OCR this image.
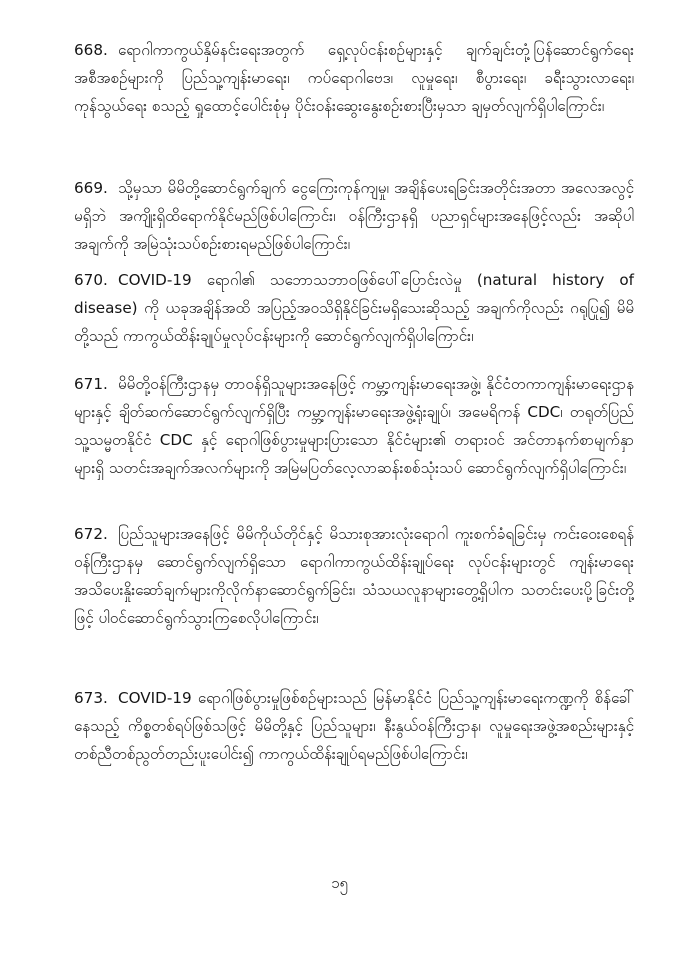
668. ရောဂါကာကွယ်နှိမ်နင်းရေးအတွက် ရှေ့လုပ်ငန်းစဉ်များနှင့် ချက်ချင်းတုံ့ပြန်ဆောင်ရွက်ရေး အစီအစဉ်များကို ပြည်သူ့ကျန်းမာရေး၊ ကပ်ရောဂါဗေဒ၊ လူမှုရေး၊ စီပွားရေး၊ ခရီးသွားလာရေး၊ ကုန်သွယ်ရေး စသည့် ရှုထောင့်ပေါင်းစုံမှ ပိုင်းဝန်းဆွေးနွေးစဉ်းစားပြီးမှသာ ချမှတ်လျက်ရှိပါကြောင်း၊
669. သို့မှသာ မိမိတို့ဆောင်ရွက်ချက် ငွေကြေးကုန်ကျမှု၊ အချိန်ပေးရခြင်းအတိုင်းအတာ အလေအလွင့်မရှိဘဲ အကျိုးရှိထိရောက်နိုင်မည်ဖြစ်ပါကြောင်း၊ ဝန်ကြီးဌာနရှိ ပညာရှင်များအနေဖြင့်လည်း အဆိုပါအချက်ကို အမြဲသုံးသပ်စဉ်းစားရမည်ဖြစ်ပါကြောင်း၊
670. COVID-19 ရောဂါ၏ သဘောသဘာဝဖြစ်ပေါ်ပြောင်းလဲမှု (natural history of disease) ကို ယခုအချိန်အထိ အပြည့်အဝသိရှိနိုင်ခြင်းမရှိသေးဆိုသည့် အချက်ကိုလည်း ဂရုပြု၍ မိမိတို့သည် ကာကွယ်ထိန်းချုပ်မှုလုပ်ငန်းများကို ဆောင်ရွက်လျက်ရှိပါကြောင်း၊
671. မိမိတို့ဝန်ကြီးဌာနမှ တာဝန်ရှိသူများအနေဖြင့် ကမ္ဘာ့ကျန်းမာရေးအဖွဲ့၊ နိုင်ငံတကာကျန်းမာရေးဌာနများနှင့် ချိတ်ဆက်ဆောင်ရွက်လျက်ရှိပြီး ကမ္ဘာ့ကျန်းမာရေးအဖွဲ့ရုံးချုပ်၊ အမေရိကန် CDC၊ တရုတ်ပြည်သူ့သမ္မတနိုင်ငံ CDC နှင့် ရောဂါဖြစ်ပွားမှုများပြားသော နိုင်ငံများ၏ တရားဝင် အင်တာနက်စာမျက်နှာများရှိ သတင်းအချက်အလက်များကို အမြဲမပြတ်လေ့လာဆန်းစစ်သုံးသပ် ဆောင်ရွက်လျက်ရှိပါကြောင်း၊
672. ပြည်သူများအနေဖြင့် မိမိကိုယ်တိုင်နှင့် မိသားစုအားလုံးရောဂါ ကူးစက်ခံရခြင်းမှ ကင်းဝေးစေရန် ဝန်ကြီးဌာနမှ ဆောင်ရွက်လျက်ရှိသော ရောဂါကာကွယ်ထိန်းချုပ်ရေး လုပ်ငန်းများတွင် ကျန်းမာရေးအသိပေးနှိုးဆော်ချက်များကိုလိုက်နာဆောင်ရွက်ခြင်း၊ သံသယလူနာများတွေ့ရှိပါက သတင်းပေးပို့ခြင်းတို့ဖြင့် ပါဝင်ဆောင်ရွက်သွားကြစေလိုပါကြောင်း၊
673. COVID-19 ရောဂါဖြစ်ပွားမှုဖြစ်စဉ်များသည် မြန်မာနိုင်ငံ ပြည်သူ့ကျန်းမာရေးကဏ္ဍကို စိန်ခေါ်နေသည့် ကိစ္စတစ်ရပ်ဖြစ်သဖြင့် မိမိတို့နှင့် ပြည်သူများ၊ နီးနွယ်ဝန်ကြီးဌာန၊ လူမှုရေးအဖွဲ့အစည်းများနှင့် တစ်ညီတစ်ညွတ်တည်းပူးပေါင်း၍ ကာကွယ်ထိန်းချုပ်ရမည်ဖြစ်ပါကြောင်း၊
၁၅
